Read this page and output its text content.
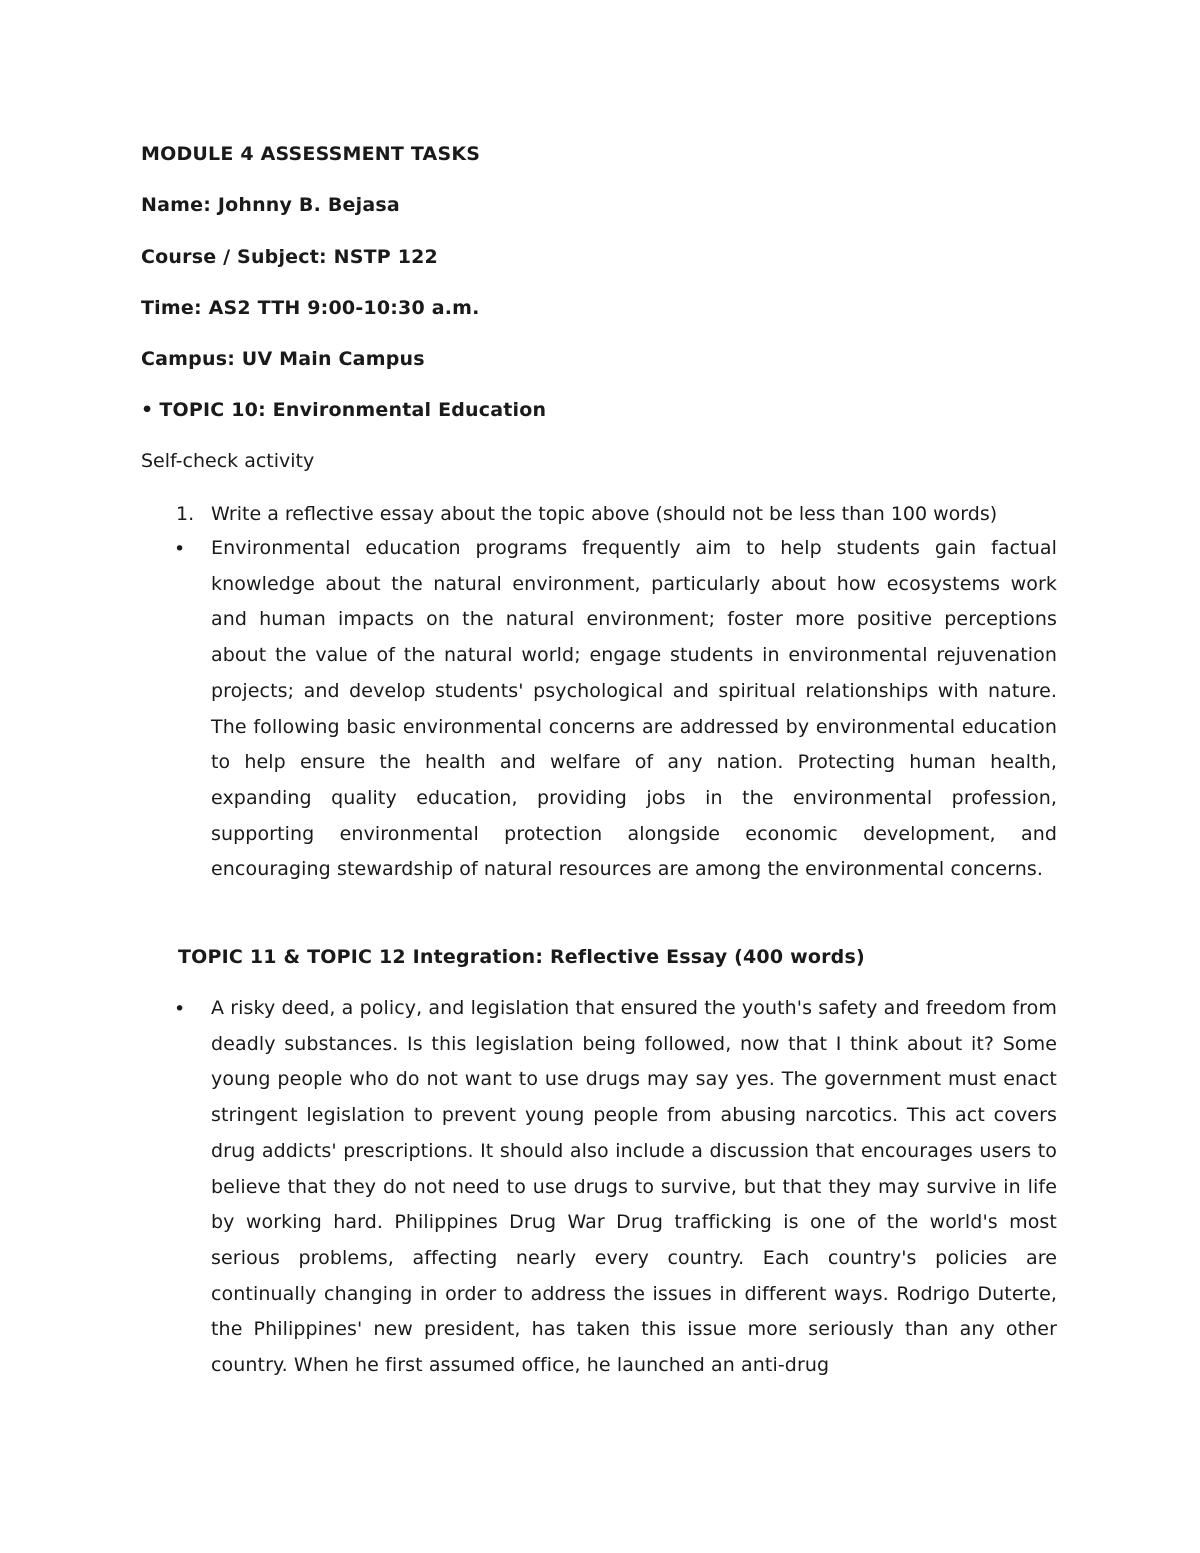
MODULE 4 ASSESSMENT TASKS
Name: Johnny B. Bejasa
Course / Subject: NSTP 122
Time: AS2 TTH 9:00-10:30 a.m.
Campus: UV Main Campus
• TOPIC 10: Environmental Education
Self-check activity
1. Write a reflective essay about the topic above (should not be less than 100 words)
• Environmental education programs frequently aim to help students gain factual knowledge about the natural environment, particularly about how ecosystems work and human impacts on the natural environment; foster more positive perceptions about the value of the natural world; engage students in environmental rejuvenation projects; and develop students' psychological and spiritual relationships with nature. The following basic environmental concerns are addressed by environmental education to help ensure the health and welfare of any nation. Protecting human health, expanding quality education, providing jobs in the environmental profession, supporting environmental protection alongside economic development, and encouraging stewardship of natural resources are among the environmental concerns.
TOPIC 11 & TOPIC 12 Integration: Reflective Essay (400 words)
• A risky deed, a policy, and legislation that ensured the youth's safety and freedom from deadly substances. Is this legislation being followed, now that I think about it? Some young people who do not want to use drugs may say yes. The government must enact stringent legislation to prevent young people from abusing narcotics. This act covers drug addicts' prescriptions. It should also include a discussion that encourages users to believe that they do not need to use drugs to survive, but that they may survive in life by working hard. Philippines Drug War Drug trafficking is one of the world's most serious problems, affecting nearly every country. Each country's policies are continually changing in order to address the issues in different ways. Rodrigo Duterte, the Philippines' new president, has taken this issue more seriously than any other country. When he first assumed office, he launched an anti-drug
